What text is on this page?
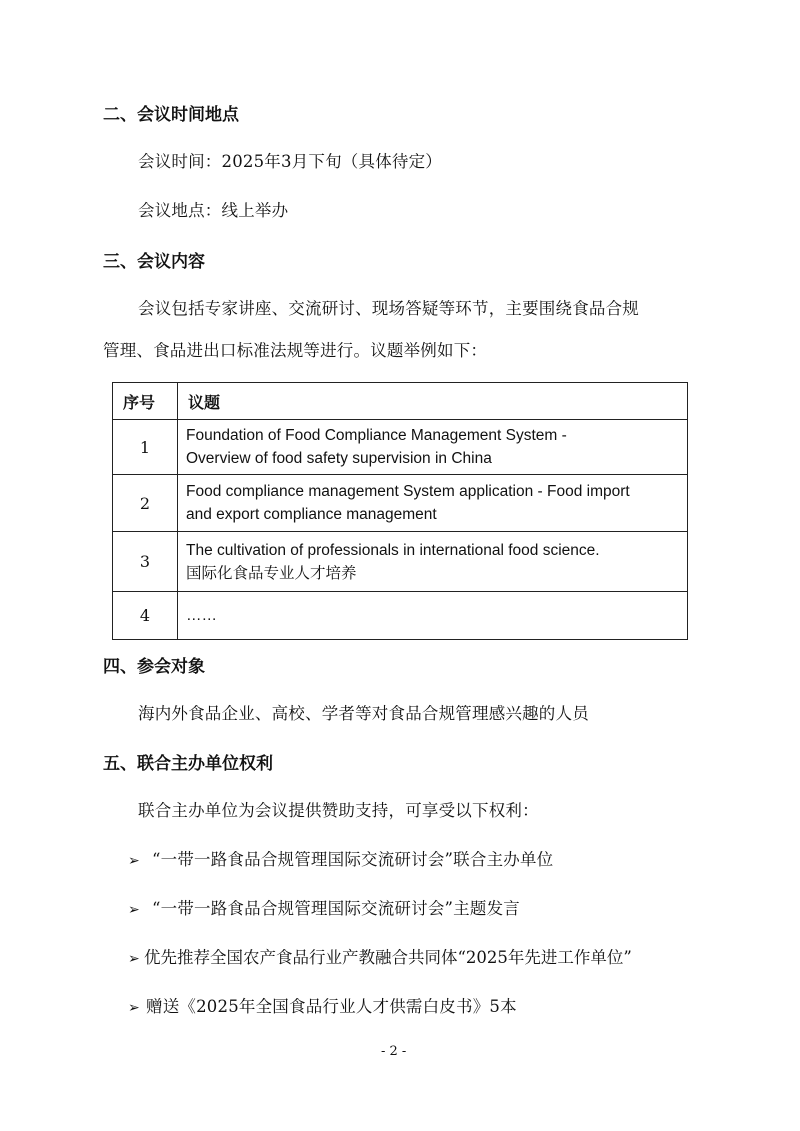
二、会议时间地点
会议时间：2025年3月下旬（具体待定）
会议地点：线上举办
三、会议内容
会议包括专家讲座、交流研讨、现场答疑等环节，主要围绕食品合规
管理、食品进出口标准法规等进行。议题举例如下：
序号	议题
1	Foundation of Food Compliance Management System -
Overview of food safety supervision in China

2	Food compliance management System application - Food import
and export compliance management

3	The cultivation of professionals in international food science.
国际化食品专业人才培养

4	……
四、参会对象
海内外食品企业、高校、学者等对食品合规管理感兴趣的人员
五、联合主办单位权利
联合主办单位为会议提供赞助支持，可享受以下权利：
➢ “一带一路食品合规管理国际交流研讨会”联合主办单位
➢ “一带一路食品合规管理国际交流研讨会”主题发言
➢ 优先推荐全国农产食品行业产教融合共同体“2025年先进工作单位”
➢ 赠送《2025年全国食品行业人才供需白皮书》5本
- 2 -
